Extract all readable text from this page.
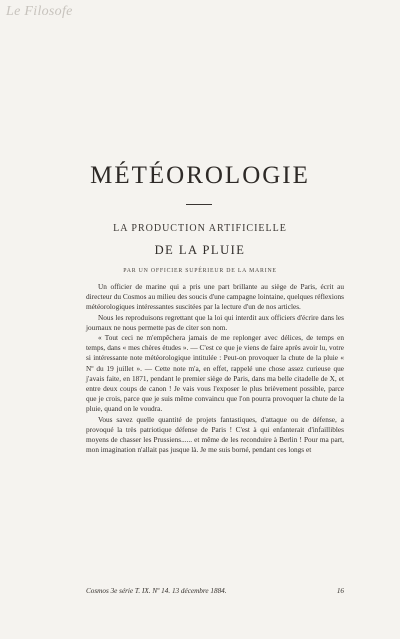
Le Filosofe
MÉTÉOROLOGIE
LA PRODUCTION ARTIFICIELLE
DE LA PLUIE
PAR UN OFFICIER SUPÉRIEUR DE LA MARINE

Un officier de marine qui a pris une part brillante au siège de Paris, écrit au directeur du Cosmos au milieu des soucis d'une campagne lointaine, quelques réflexions météorologiques intéressantes suscitées par la lecture d'un de nos articles.

Nous les reproduisons regrettant que la loi qui interdit aux officiers d'écrire dans les journaux ne nous permette pas de citer son nom.

« Tout ceci ne m'empêchera jamais de me replonger avec délices, de temps en temps, dans « mes chères études ». — C'est ce que je viens de faire après avoir lu, votre si intéressante note météorologique intitulée : Peut-on provoquer la chute de la pluie « Nº du 19 juillet ». — Cette note m'a, en effet, rappelé une chose assez curieuse que j'avais faite, en 1871, pendant le premier siège de Paris, dans ma belle citadelle de X, et entre deux coups de canon ! Je vais vous l'exposer le plus brièvement possible, parce que je crois, parce que je suis même convaincu que l'on pourra provoquer la chute de la pluie, quand on le voudra.

Vous savez quelle quantité de projets fantastiques, d'attaque ou de défense, a provoqué la très patriotique défense de Paris ! C'est à qui enfanterait d'infaillibles moyens de chasser les Prussiens...... et même de les reconduire à Berlin ! Pour ma part, mon imagination n'allait pas jusque là. Je me suis borné, pendant ces longs et

Cosmos 3e série T. IX. Nº 14. 13 décembre 1884.	16
